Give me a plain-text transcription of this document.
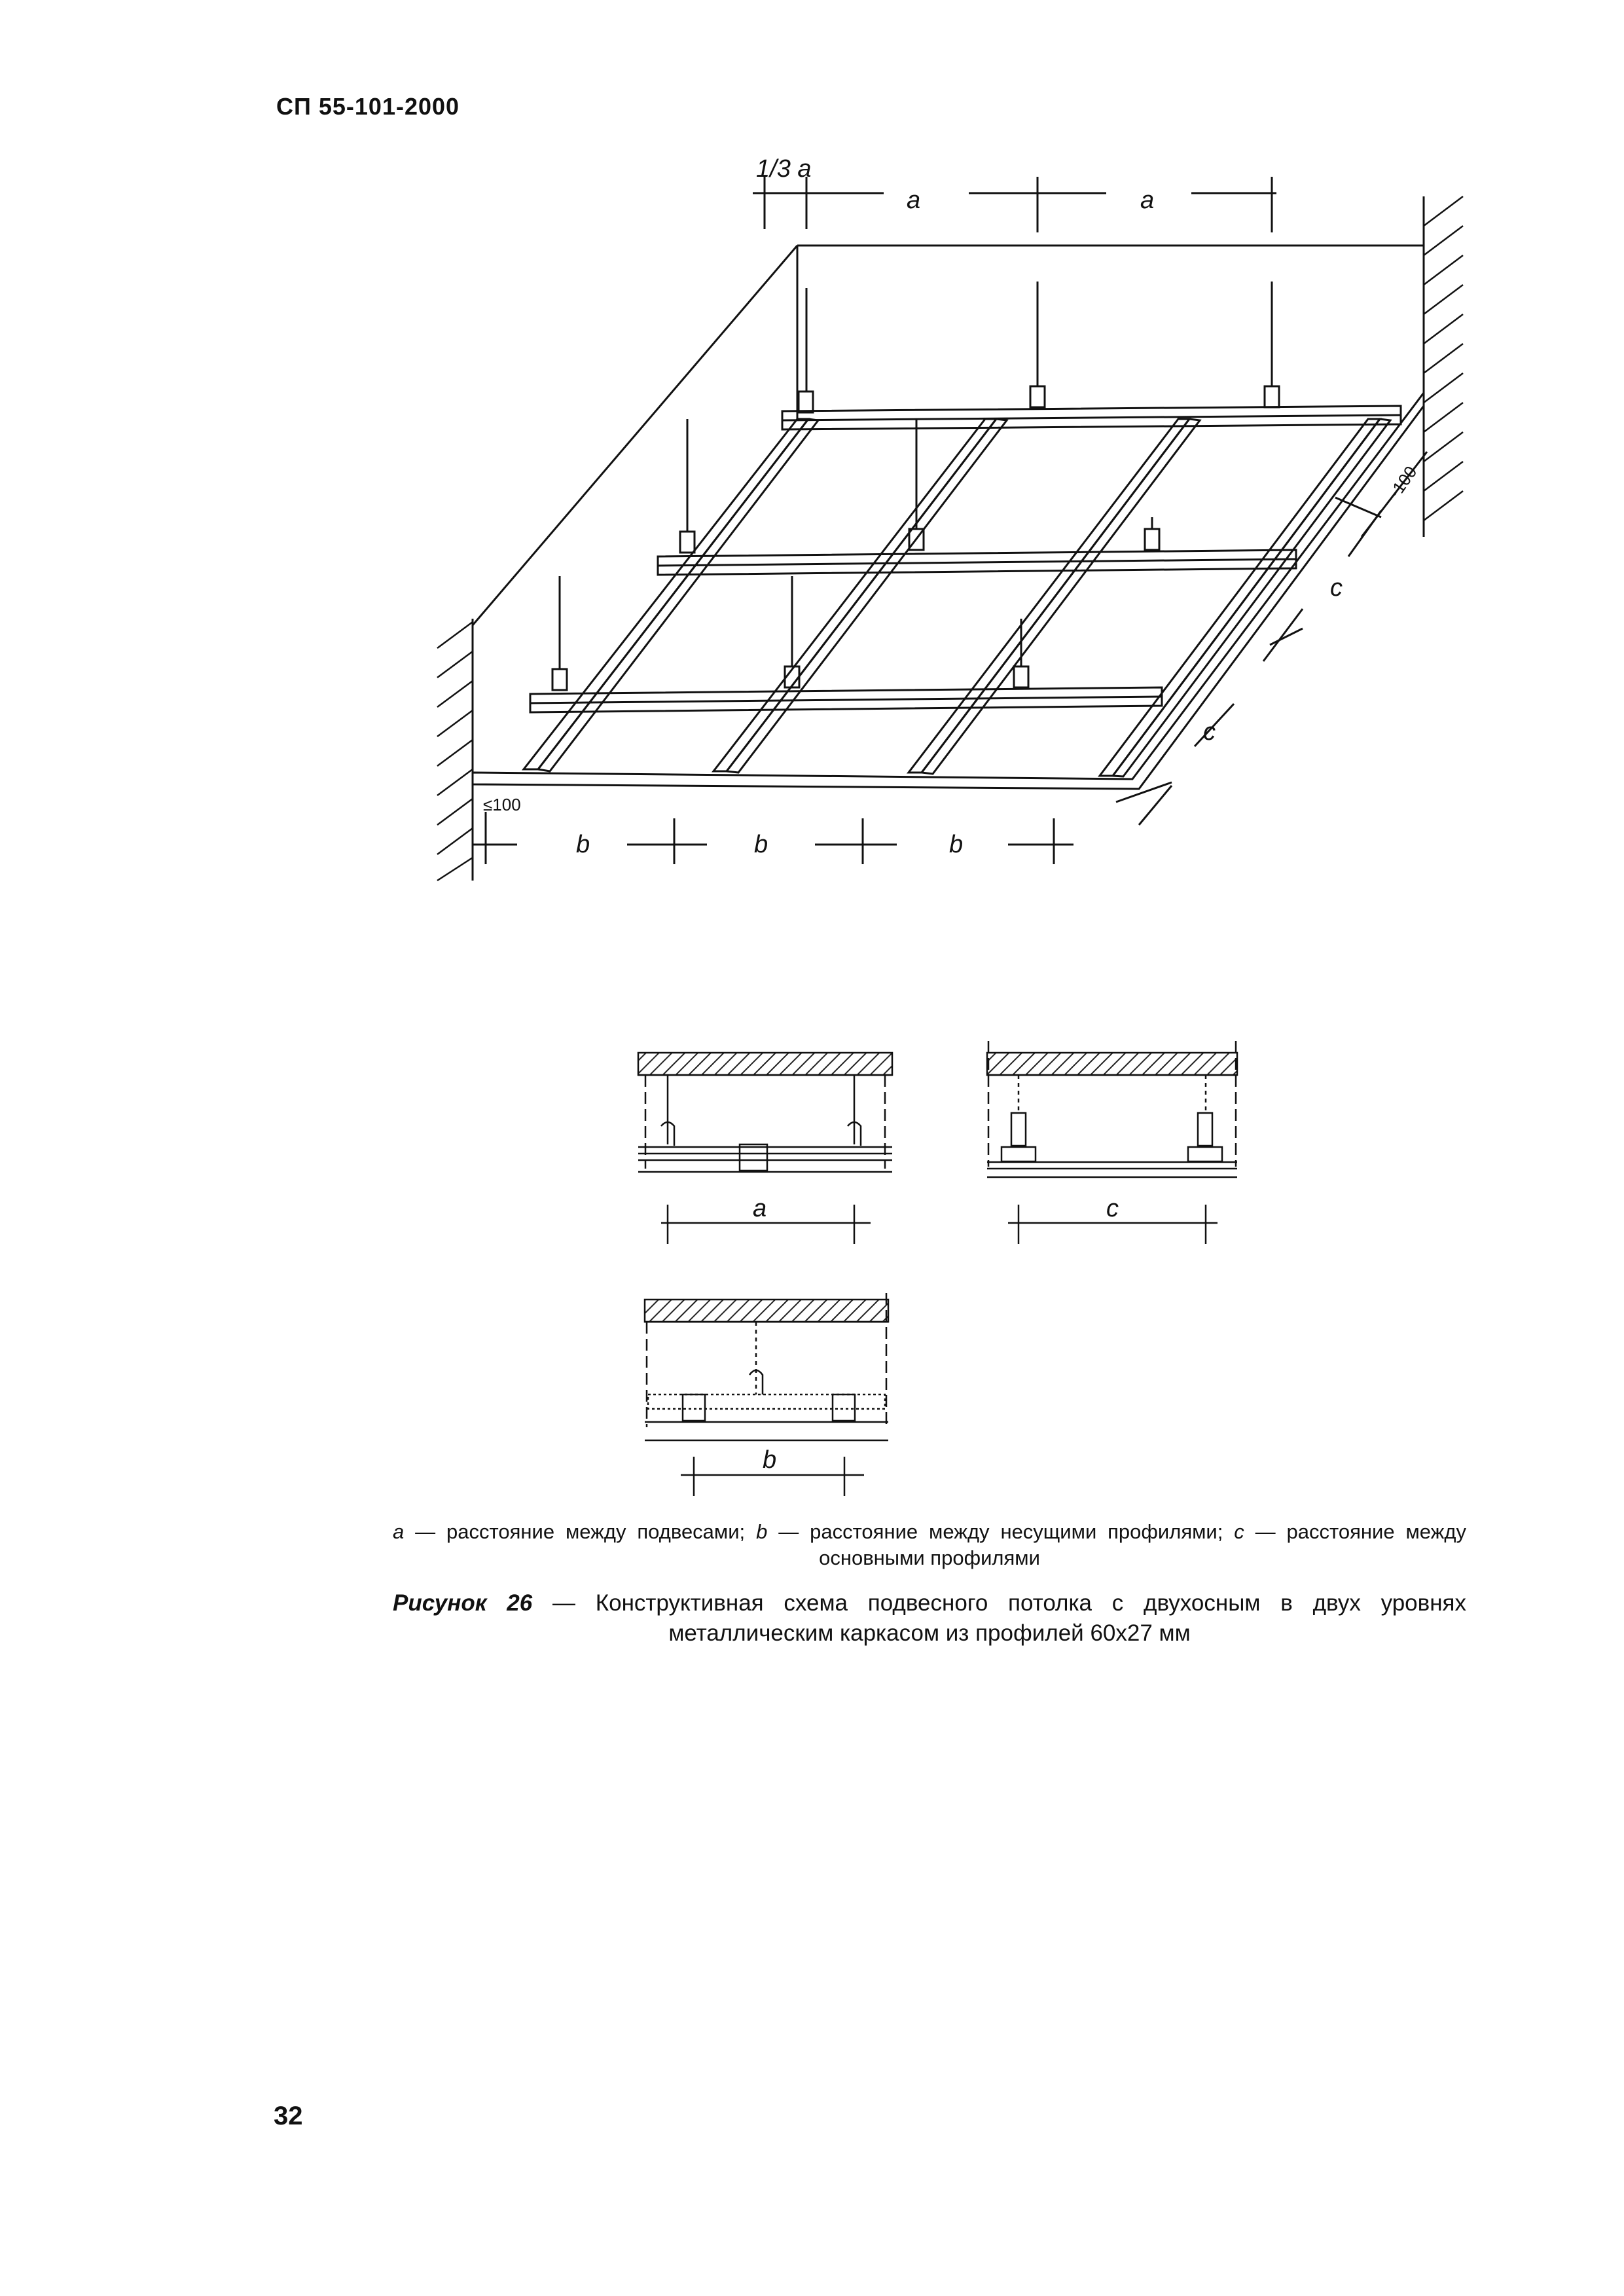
СП 55-101-2000
1/3 a
a	a
≤100
b	b	b
~100
c
c
a	c
b
a — расстояние между подвесами; b — расстояние между несущими профилями; c — расстояние между основными профилями
Рисунок 26 — Конструктивная схема подвесного потолка с двухосным в двух уровнях металлическим каркасом из профилей 60х27 мм
32
